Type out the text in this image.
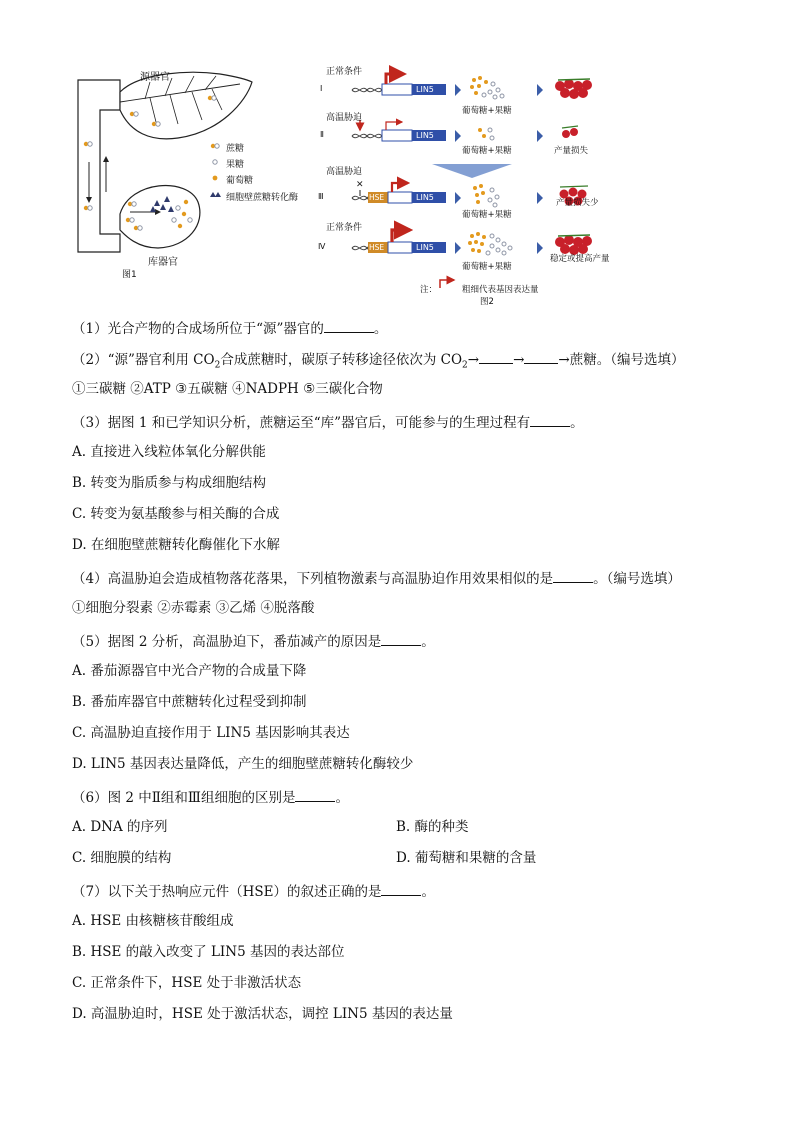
源器官
库器官
图1
蔗糖
果糖
葡萄糖
细胞壁蔗糖转化酶
✕
正常条件
Ⅰ	LIN5
葡萄糖+果糖
高温胁迫
Ⅱ	LIN5
葡萄糖+果糖	产量损失
高温胁迫
Ⅲ	HSE	LIN5
葡萄糖+果糖
产量损失少
正常条件
Ⅳ	HSE	LIN5
葡萄糖+果糖
稳定或提高产量
注：	粗细代表基因表达量
图2
（1）光合产物的合成场所位于“源”器官的	。
（2）“源”器官利用 $CO_2$合成蔗糖时，碳原子转移途径依次为 $CO_2\to$	→	→蔗糖。（编号选填）
①三碳糖 ②ATP ③五碳糖 ④NADPH ⑤三碳化合物
（3）据图 1 和已学知识分析，蔗糖运至“库”器官后，可能参与的生理过程有	。
A. 直接进入线粒体氧化分解供能
B. 转变为脂质参与构成细胞结构
C. 转变为氨基酸参与相关酶的合成
D. 在细胞壁蔗糖转化酶催化下水解
（4）高温胁迫会造成植物落花落果，下列植物激素与高温胁迫作用效果相似的是	。（编号选填）
①细胞分裂素 ②赤霉素 ③乙烯 ④脱落酸
（5）据图 2 分析，高温胁迫下，番茄减产的原因是	。
A. 番茄源器官中光合产物的合成量下降
B. 番茄库器官中蔗糖转化过程受到抑制
C. 高温胁迫直接作用于 LIN5 基因影响其表达
D. LIN5 基因表达量降低，产生的细胞壁蔗糖转化酶较少
（6）图 2 中Ⅱ组和Ⅲ组细胞的区别是	。
A. DNA 的序列	B. 酶的种类
C. 细胞膜的结构	D. 葡萄糖和果糖的含量
（7）以下关于热响应元件（HSE）的叙述正确的是	。
A. HSE 由核糖核苷酸组成
B. HSE 的敲入改变了 LIN5 基因的表达部位
C. 正常条件下，HSE 处于非激活状态
D. 高温胁迫时，HSE 处于激活状态，调控 LIN5 基因的表达量
